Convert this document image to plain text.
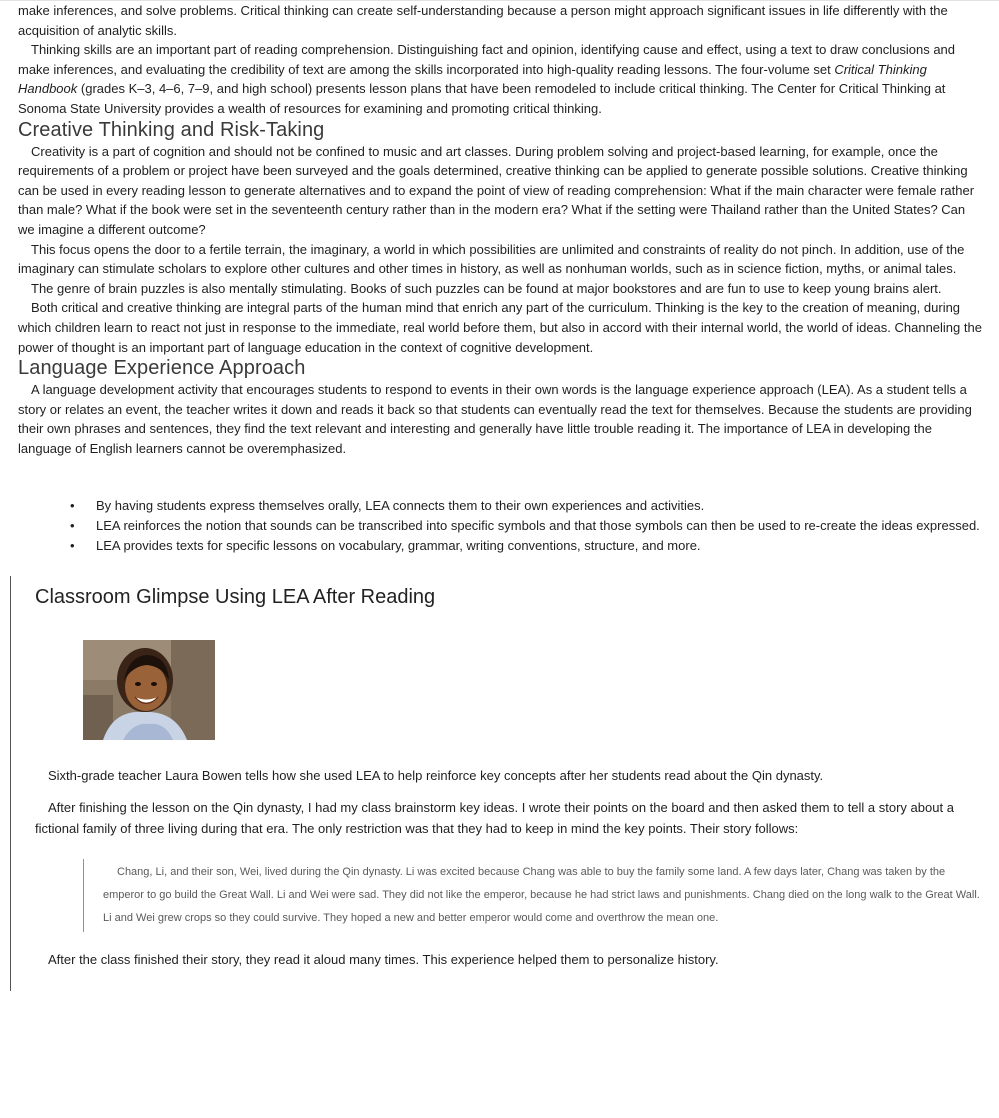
make inferences, and solve problems. Critical thinking can create self-understanding because a person might approach significant issues in life differently with the acquisition of analytic skills.

Thinking skills are an important part of reading comprehension. Distinguishing fact and opinion, identifying cause and effect, using a text to draw conclusions and make inferences, and evaluating the credibility of text are among the skills incorporated into high-quality reading lessons. The four-volume set Critical Thinking Handbook (grades K–3, 4–6, 7–9, and high school) presents lesson plans that have been remodeled to include critical thinking. The Center for Critical Thinking at Sonoma State University provides a wealth of resources for examining and promoting critical thinking.

Creative Thinking and Risk-Taking

Creativity is a part of cognition and should not be confined to music and art classes. During problem solving and project-based learning, for example, once the requirements of a problem or project have been surveyed and the goals determined, creative thinking can be applied to generate possible solutions. Creative thinking can be used in every reading lesson to generate alternatives and to expand the point of view of reading comprehension: What if the main character were female rather than male? What if the book were set in the seventeenth century rather than in the modern era? What if the setting were Thailand rather than the United States? Can we imagine a different outcome?

This focus opens the door to a fertile terrain, the imaginary, a world in which possibilities are unlimited and constraints of reality do not pinch. In addition, use of the imaginary can stimulate scholars to explore other cultures and other times in history, as well as nonhuman worlds, such as in science fiction, myths, or animal tales.

The genre of brain puzzles is also mentally stimulating. Books of such puzzles can be found at major bookstores and are fun to use to keep young brains alert.

Both critical and creative thinking are integral parts of the human mind that enrich any part of the curriculum. Thinking is the key to the creation of meaning, during which children learn to react not just in response to the immediate, real world before them, but also in accord with their internal world, the world of ideas. Channeling the power of thought is an important part of language education in the context of cognitive development.

Language Experience Approach

A language development activity that encourages students to respond to events in their own words is the language experience approach (LEA). As a student tells a story or relates an event, the teacher writes it down and reads it back so that students can eventually read the text for themselves. Because the students are providing their own phrases and sentences, they find the text relevant and interesting and generally have little trouble reading it. The importance of LEA in developing the language of English learners cannot be overemphasized.

• By having students express themselves orally, LEA connects them to their own experiences and activities.
• LEA reinforces the notion that sounds can be transcribed into specific symbols and that those symbols can then be used to re-create the ideas expressed.
• LEA provides texts for specific lessons on vocabulary, grammar, writing conventions, structure, and more.
Classroom Glimpse Using LEA After Reading

Sixth-grade teacher Laura Bowen tells how she used LEA to help reinforce key concepts after her students read about the Qin dynasty.

After finishing the lesson on the Qin dynasty, I had my class brainstorm key ideas. I wrote their points on the board and then asked them to tell a story about a fictional family of three living during that era. The only restriction was that they had to keep in mind the key points. Their story follows:

Chang, Li, and their son, Wei, lived during the Qin dynasty. Li was excited because Chang was able to buy the family some land. A few days later, Chang was taken by the emperor to go build the Great Wall. Li and Wei were sad. They did not like the emperor, because he had strict laws and punishments. Chang died on the long walk to the Great Wall. Li and Wei grew crops so they could survive. They hoped a new and better emperor would come and overthrow the mean one.

After the class finished their story, they read it aloud many times. This experience helped them to personalize history.
